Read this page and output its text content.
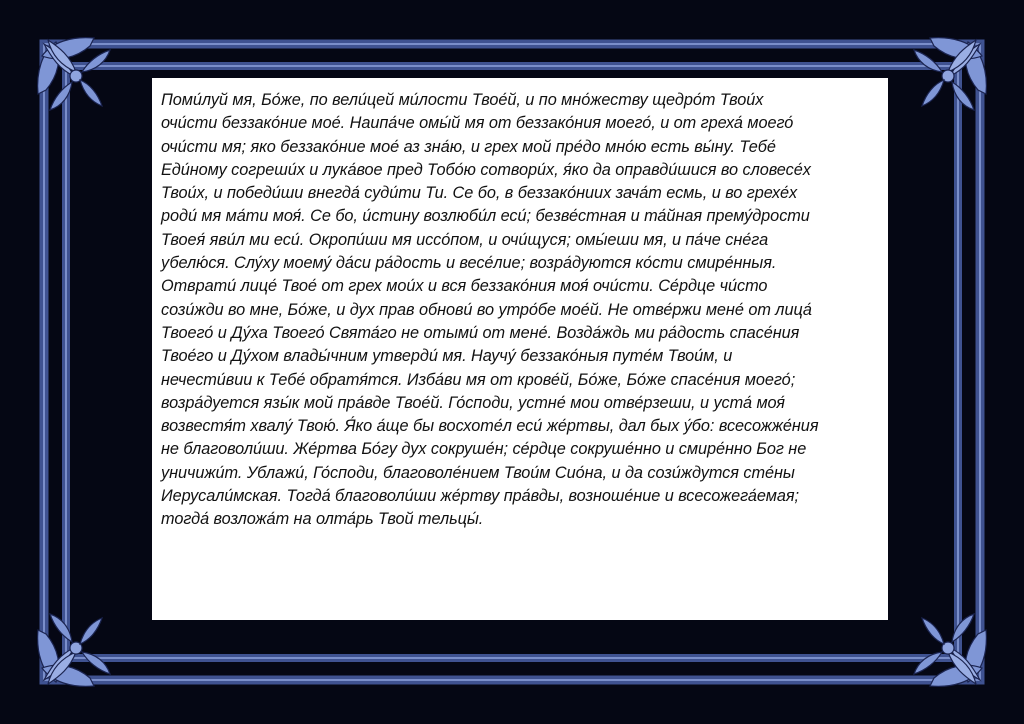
Поми́луй мя, Бо́же, по вели́цей ми́лости Твое́й, и по мно́жеству щедро́т Твои́х
очи́сти беззако́ние мое́. Наипа́че омы́й мя от беззако́ния моего́, и от греха́ моего́
очи́сти мя; яко беззако́ние мое́ аз зна́ю, и грех мой пре́до мно́ю есть вы́ну. Тебе́
Еди́ному согреши́х и лука́вое пред Тобо́ю сотвори́х, я́ко да оправди́шися во словесе́х
Твои́х, и победи́ши внегда́ суди́ти Ти. Се бо, в беззако́ниих зача́т есмь, и во грехе́х
роди́ мя ма́ти моя́. Се бо, и́стину возлюби́л еси́; безве́стная и та́йная прему́дрости
Твоея́ яви́л ми еси́. Окропи́ши мя иссо́пом, и очи́щуся; омы́еши мя, и па́че сне́га
убелю́ся. Слу́ху моему́ да́си ра́дость и весе́лие; возра́дуются ко́сти смире́нныя.
Отврати́ лице́ Твое́ от грех мои́х и вся беззако́ния моя́ очи́сти. Се́рдце чи́сто
сози́жди во мне, Бо́же, и дух прав обнови́ во утро́бе мое́й. Не отве́ржи мене́ от лица́
Твоего́ и Ду́ха Твоего́ Свята́го не отыми́ от мене́. Возда́ждь ми ра́дость спасе́ния
Твое́го и Ду́хом влады́чним утверди́ мя. Научу́ беззако́ныя путе́м Твои́м, и
нечести́вии к Тебе́ обратя́тся. Изба́ви мя от крове́й, Бо́же, Бо́же спасе́ния моего́;
возра́дуется язы́к мой пра́вде Твое́й. Го́споди, устне́ мои отве́рзеши, и уста́ моя́
возвестя́т хвалу́ Твою́. Я́ко а́ще бы восхоте́л еси́ же́ртвы, дал бых у́бо: всесожже́ния
не благоволи́ши. Же́ртва Бо́гу дух сокруше́н; се́рдце сокруше́нно и смире́нно Бог не
уничижи́т. Ублажи́, Го́споди, благоволе́нием Твои́м Сио́на, и да сози́ждутся сте́ны
Иерусали́мская. Тогда́ благоволи́ши же́ртву пра́вды, возноше́ние и всесожега́емая;
тогда́ возложа́т на олта́рь Твой тельцы́.
